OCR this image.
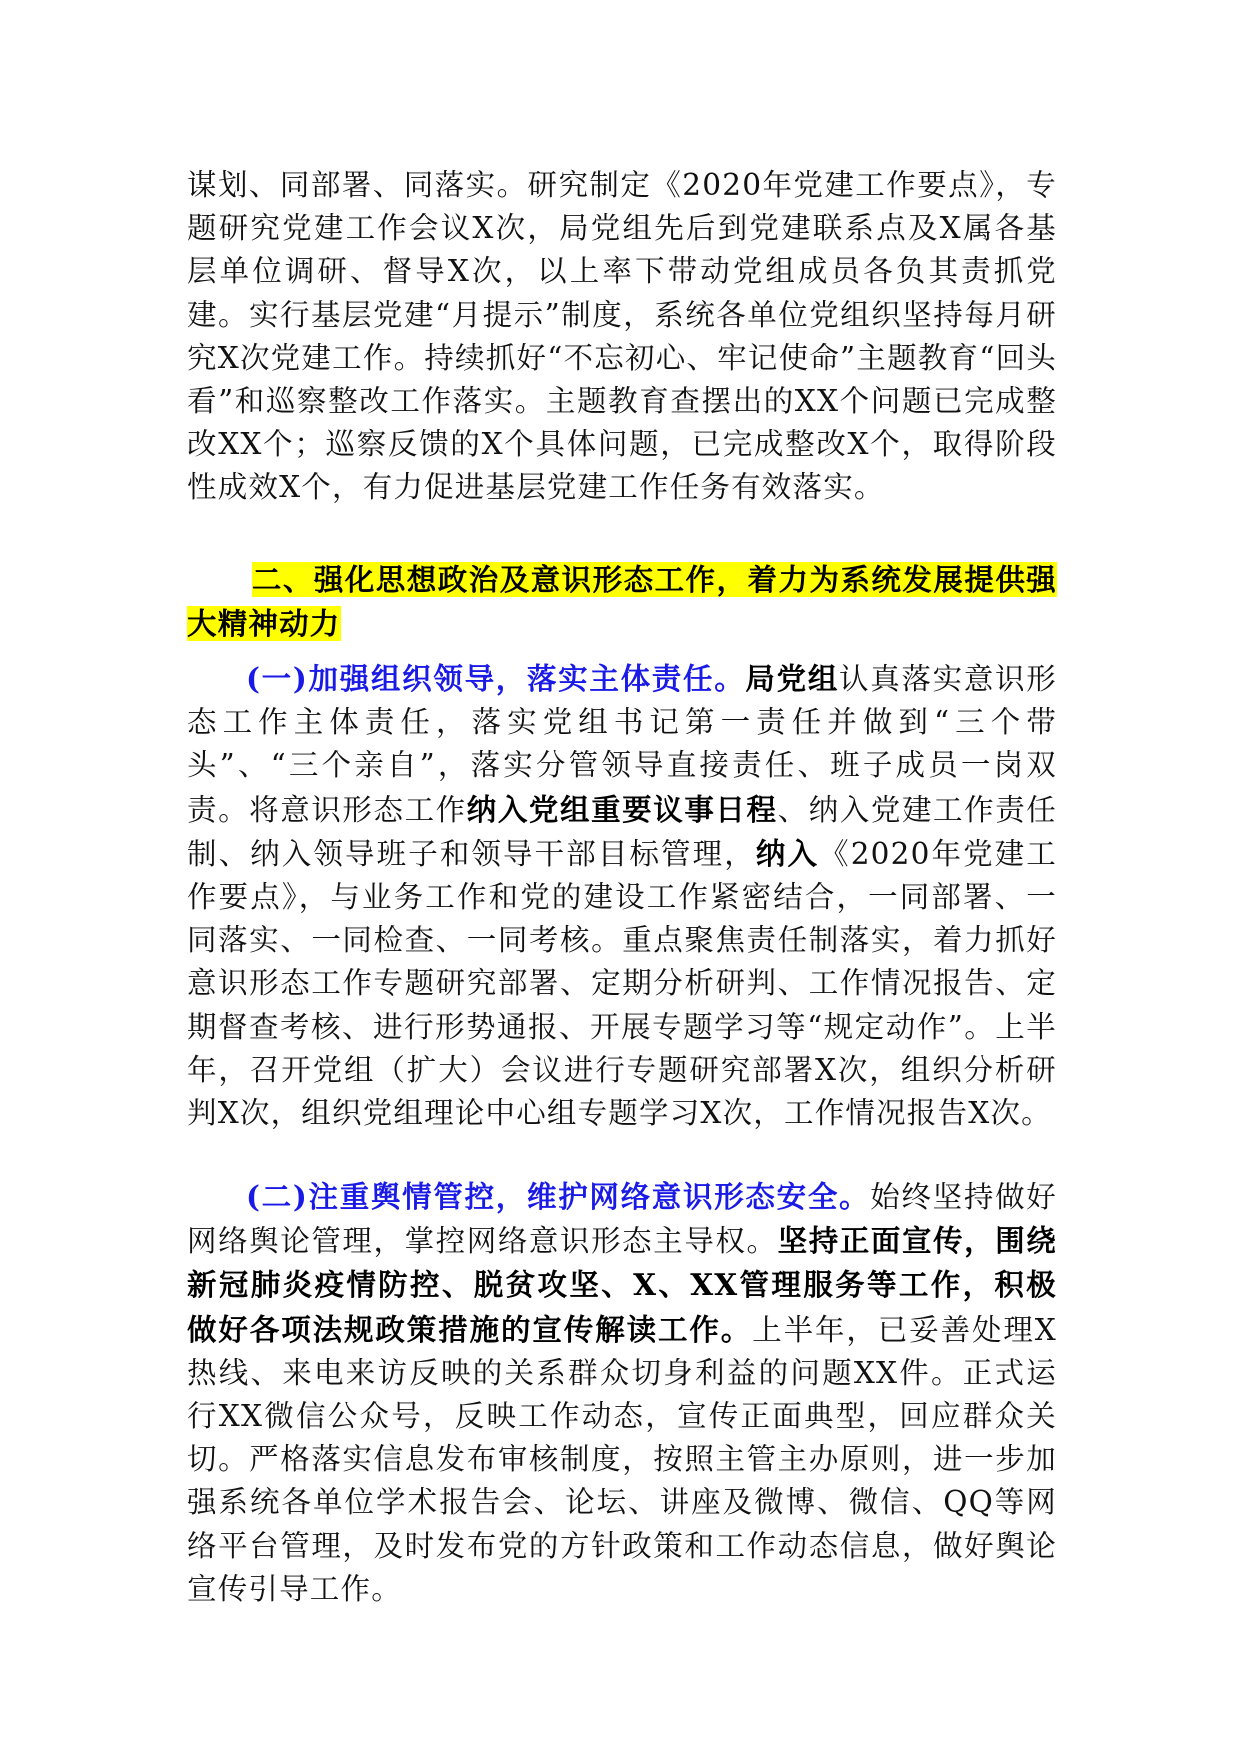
谋划、同部署、同落实。研究制定《2020年党建工作要点》，专题研究党建工作会议X次，局党组先后到党建联系点及X属各基层单位调研、督导X次，以上率下带动党组成员各负其责抓党建。实行基层党建“月提示”制度，系统各单位党组织坚持每月研究X次党建工作。持续抓好“不忘初心、牢记使命”主题教育“回头看”和巡察整改工作落实。主题教育查摆出的XX个问题已完成整改XX个；巡察反馈的X个具体问题，已完成整改X个，取得阶段性成效X个，有力促进基层党建工作任务有效落实。

二、强化思想政治及意识形态工作，着力为系统发展提供强大精神动力

(一)加强组织领导，落实主体责任。局党组认真落实意识形态工作主体责任，落实党组书记第一责任并做到“三个带头”、“三个亲自”，落实分管领导直接责任、班子成员一岗双责。将意识形态工作纳入党组重要议事日程、纳入党建工作责任制、纳入领导班子和领导干部目标管理，纳入《2020年党建工作要点》，与业务工作和党的建设工作紧密结合，一同部署、一同落实、一同检查、一同考核。重点聚焦责任制落实，着力抓好意识形态工作专题研究部署、定期分析研判、工作情况报告、定期督查考核、进行形势通报、开展专题学习等“规定动作”。上半年，召开党组（扩大）会议进行专题研究部署X次，组织分析研判X次，组织党组理论中心组专题学习X次，工作情况报告X次。

(二)注重舆情管控，维护网络意识形态安全。始终坚持做好网络舆论管理，掌控网络意识形态主导权。坚持正面宣传，围绕新冠肺炎疫情防控、脱贫攻坚、X、XX管理服务等工作，积极做好各项法规政策措施的宣传解读工作。上半年，已妥善处理X热线、来电来访反映的关系群众切身利益的问题XX件。正式运行XX微信公众号，反映工作动态，宣传正面典型，回应群众关切。严格落实信息发布审核制度，按照主管主办原则，进一步加强系统各单位学术报告会、论坛、讲座及微博、微信、QQ等网络平台管理，及时发布党的方针政策和工作动态信息，做好舆论宣传引导工作。
